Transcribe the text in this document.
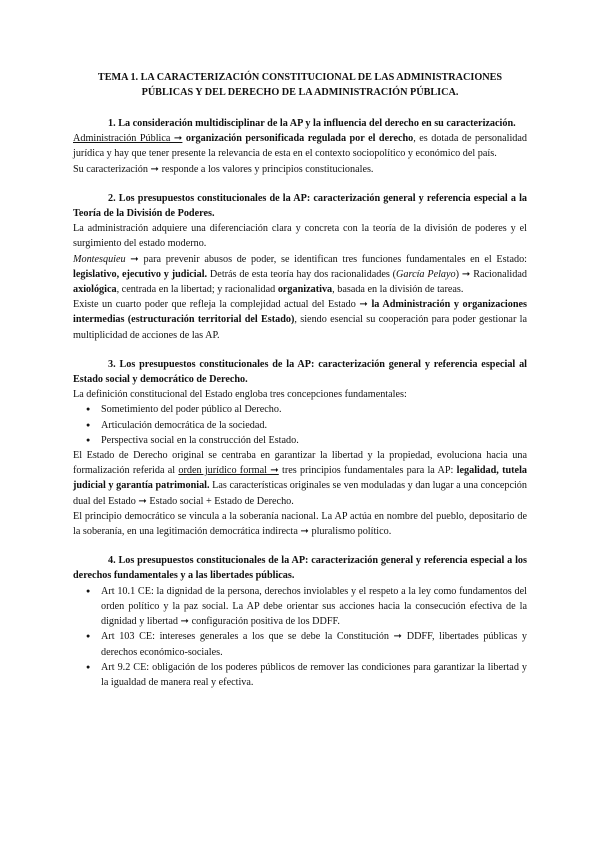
TEMA 1. LA CARACTERIZACIÓN CONSTITUCIONAL DE LAS ADMINISTRACIONES PÚBLICAS Y DEL DERECHO DE LA ADMINISTRACIÓN PÚBLICA.

1. La consideración multidisciplinar de la AP y la influencia del derecho en su caracterización.

Administración Pública ➞ organización personificada regulada por el derecho, es dotada de personalidad jurídica y hay que tener presente la relevancia de esta en el contexto sociopolítico y económico del país.

Su caracterización ➞ responde a los valores y principios constitucionales.

2. Los presupuestos constitucionales de la AP: caracterización general y referencia especial a la Teoría de la División de Poderes.

La administración adquiere una diferenciación clara y concreta con la teoría de la división de poderes y el surgimiento del estado moderno.

Montesquieu ➞ para prevenir abusos de poder, se identifican tres funciones fundamentales en el Estado: legislativo, ejecutivo y judicial. Detrás de esta teoría hay dos racionalidades (García Pelayo) ➞ Racionalidad axiológica, centrada en la libertad; y racionalidad organizativa, basada en la división de tareas.

Existe un cuarto poder que refleja la complejidad actual del Estado ➞ la Administración y organizaciones intermedias (estructuración territorial del Estado), siendo esencial su cooperación para poder gestionar la multiplicidad de acciones de las AP.

3. Los presupuestos constitucionales de la AP: caracterización general y referencia especial al Estado social y democrático de Derecho.

La definición constitucional del Estado engloba tres concepciones fundamentales:

● Sometimiento del poder público al Derecho.
● Articulación democrática de la sociedad.
● Perspectiva social en la construcción del Estado.

El Estado de Derecho original se centraba en garantizar la libertad y la propiedad, evoluciona hacia una formalización referida al orden jurídico formal ➞ tres principios fundamentales para la AP: legalidad, tutela judicial y garantía patrimonial. Las características originales se ven moduladas y dan lugar a una concepción dual del Estado ➞ Estado social + Estado de Derecho.

El principio democrático se vincula a la soberanía nacional. La AP actúa en nombre del pueblo, depositario de la soberanía, en una legitimación democrática indirecta ➞ pluralismo político.

4. Los presupuestos constitucionales de la AP: caracterización general y referencia especial a los derechos fundamentales y a las libertades públicas.

● Art 10.1 CE: la dignidad de la persona, derechos inviolables y el respeto a la ley como fundamentos del orden político y la paz social. La AP debe orientar sus acciones hacia la consecución efectiva de la dignidad y libertad ➞ configuración positiva de los DDFF.
● Art 103 CE: intereses generales a los que se debe la Constitución ➞ DDFF, libertades públicas y derechos económico-sociales.
● Art 9.2 CE: obligación de los poderes públicos de remover las condiciones para garantizar la libertad y la igualdad de manera real y efectiva.
